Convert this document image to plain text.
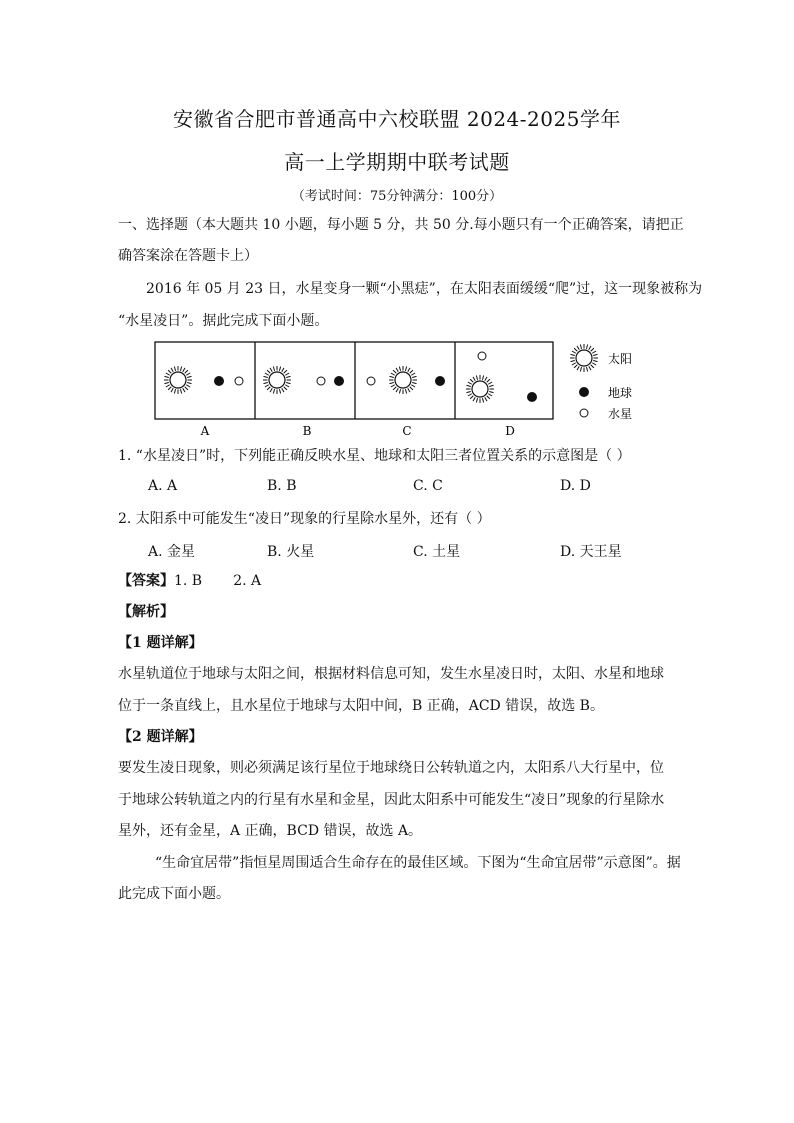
安徽省合肥市普通高中六校联盟 2024-2025学年
高一上学期期中联考试题
（考试时间：75分钟满分：100分）
一、选择题（本大题共 10 小题，每小题 5 分，共 50 分.每小题只有一个正确答案，请把正
确答案涂在答题卡上）
2016 年 05 月 23 日，水星变身一颗“小黑痣”，在太阳表面缓缓“爬”过，这一现象被称为
“水星凌日”。据此完成下面小题。
A	B	C	D
太阳
地球
水星
1. “水星凌日”时，下列能正确反映水星、地球和太阳三者位置关系的示意图是（ ）
A. A	B. B	C. C	D. D
2. 太阳系中可能发生“凌日”现象的行星除水星外，还有（ ）
A. 金星	B. 火星	C. 土星	D. 天王星
【答案】1. B       2. A
【解析】
【1 题详解】
水星轨道位于地球与太阳之间，根据材料信息可知，发生水星凌日时，太阳、水星和地球
位于一条直线上，且水星位于地球与太阳中间，B 正确，ACD 错误，故选 B。
【2 题详解】
要发生凌日现象，则必须满足该行星位于地球绕日公转轨道之内，太阳系八大行星中，位
于地球公转轨道之内的行星有水星和金星，因此太阳系中可能发生“凌日”现象的行星除水
星外，还有金星，A 正确，BCD 错误，故选 A。
“生命宜居带”指恒星周围适合生命存在的最佳区域。下图为“生命宜居带”示意图”。据
此完成下面小题。
